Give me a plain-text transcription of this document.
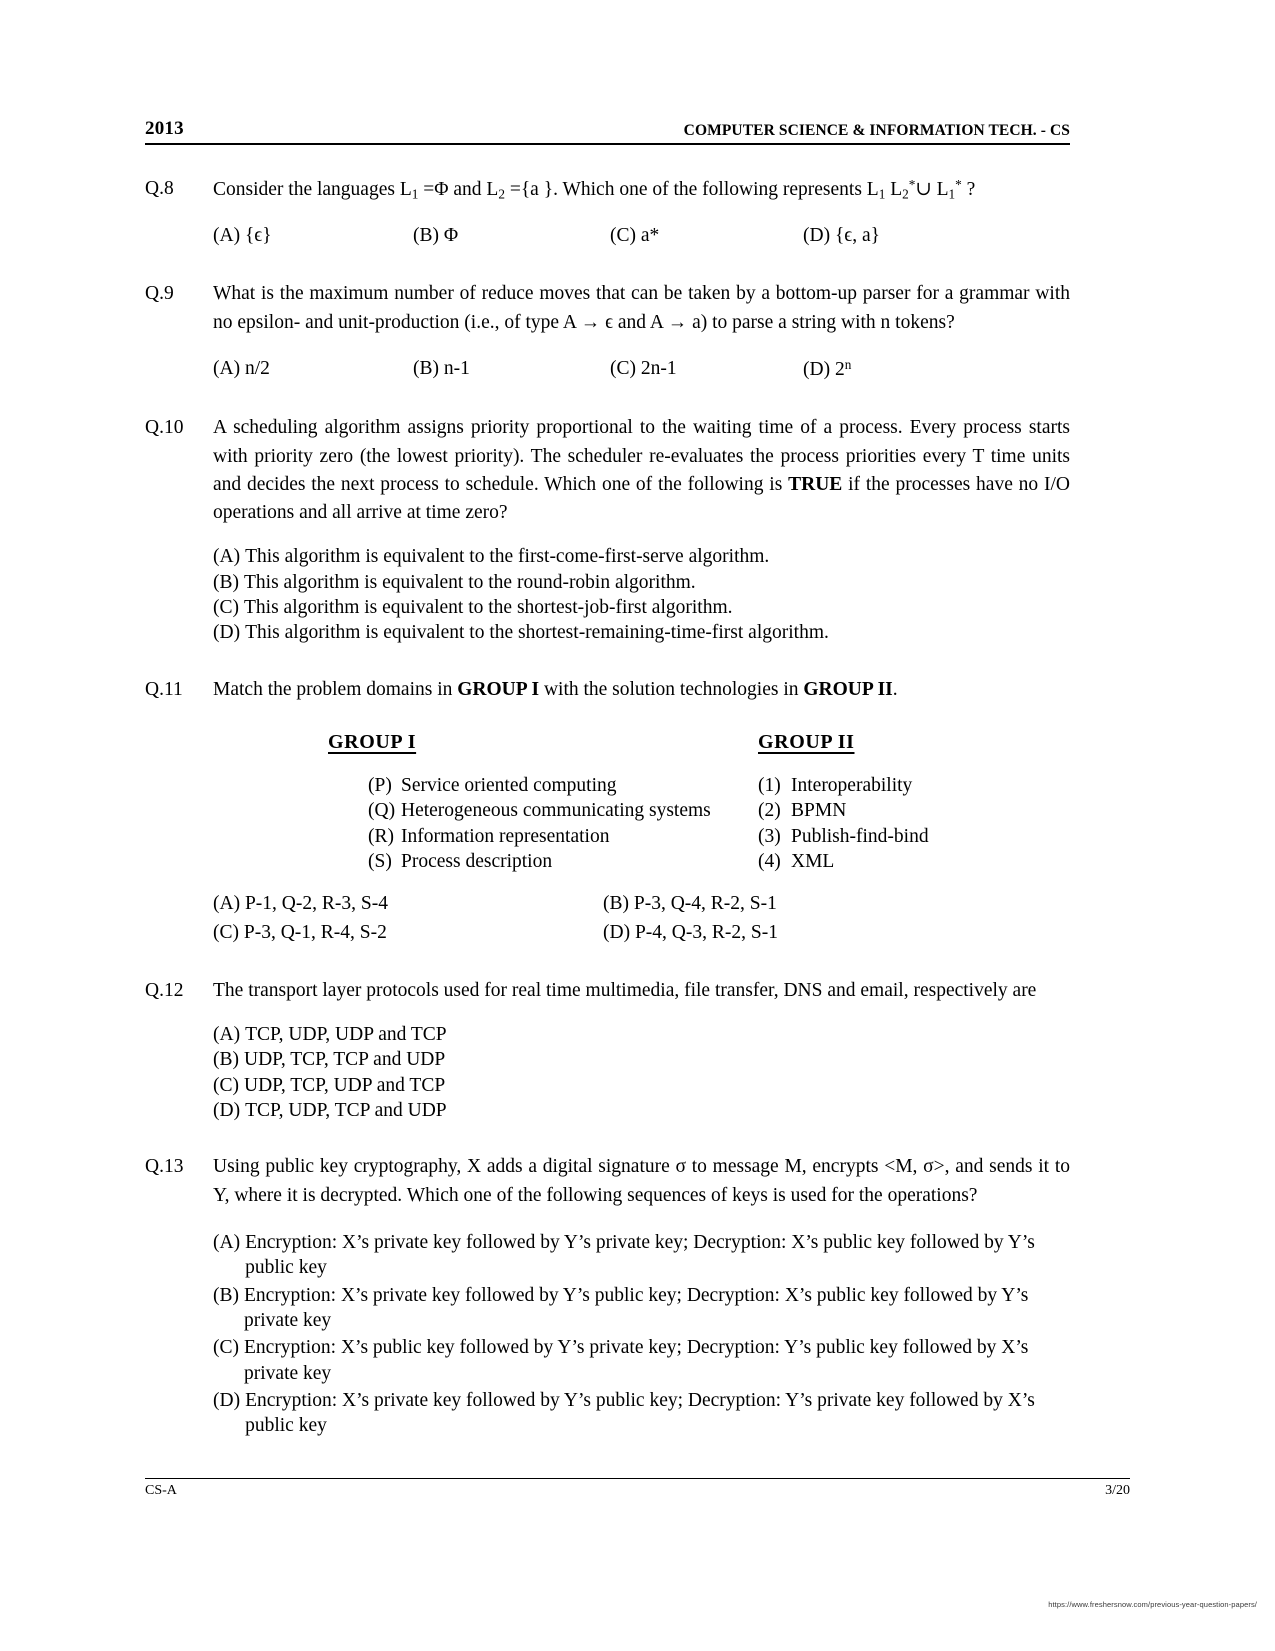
2013	COMPUTER SCIENCE & INFORMATION TECH. - CS
Q.8	Consider the languages $L_1 =\Phi$ and $L_2 =\{a$ }. Which one of the following represents $L_1$ $L_2^*\cup$ $L_1^*$ ?
(A) {ϵ}	(B) Φ	(C) a*	(D) {ϵ, a}
Q.9	What is the maximum number of reduce moves that can be taken by a bottom-up parser for a grammar with no epsilon- and unit-production (i.e., of type A → ϵ and A → a) to parse a string with n tokens?
(A) n/2	(B) n-1	(C) 2n-1	(D) 2$^n$
Q.10	A scheduling algorithm assigns priority proportional to the waiting time of a process. Every process starts with priority zero (the lowest priority). The scheduler re-evaluates the process priorities every T time units and decides the next process to schedule. Which one of the following is TRUE if the processes have no I/O operations and all arrive at time zero?
(A) This algorithm is equivalent to the first-come-first-serve algorithm.
(B) This algorithm is equivalent to the round-robin algorithm.
(C) This algorithm is equivalent to the shortest-job-first algorithm.
(D) This algorithm is equivalent to the shortest-remaining-time-first algorithm.
Q.11	Match the problem domains in GROUP I with the solution technologies in GROUP II.
GROUP I	GROUP II
(P) Service oriented computing	(1) Interoperability
(Q) Heterogeneous communicating systems	(2) BPMN
(R) Information representation	(3) Publish-find-bind
(S) Process description	(4) XML
(A) P-1, Q-2, R-3, S-4	(B) P-3, Q-4, R-2, S-1
(C) P-3, Q-1, R-4, S-2	(D) P-4, Q-3, R-2, S-1
Q.12	The transport layer protocols used for real time multimedia, file transfer, DNS and email, respectively are
(A) TCP, UDP, UDP and TCP
(B) UDP, TCP, TCP and UDP
(C) UDP, TCP, UDP and TCP
(D) TCP, UDP, TCP and UDP
Q.13	Using public key cryptography, X adds a digital signature σ to message M, encrypts <M, σ>, and sends it to Y, where it is decrypted. Which one of the following sequences of keys is used for the operations?
(A) Encryption: X’s private key followed by Y’s private key; Decryption: X’s public key followed by Y’s public key
(B) Encryption: X’s private key followed by Y’s public key; Decryption: X’s public key followed by Y’s private key
(C) Encryption: X’s public key followed by Y’s private key; Decryption: Y’s public key followed by X’s private key
(D) Encryption: X’s private key followed by Y’s public key; Decryption: Y’s private key followed by X’s public key
CS-A	3/20
https://www.freshersnow.com/previous-year-question-papers/
